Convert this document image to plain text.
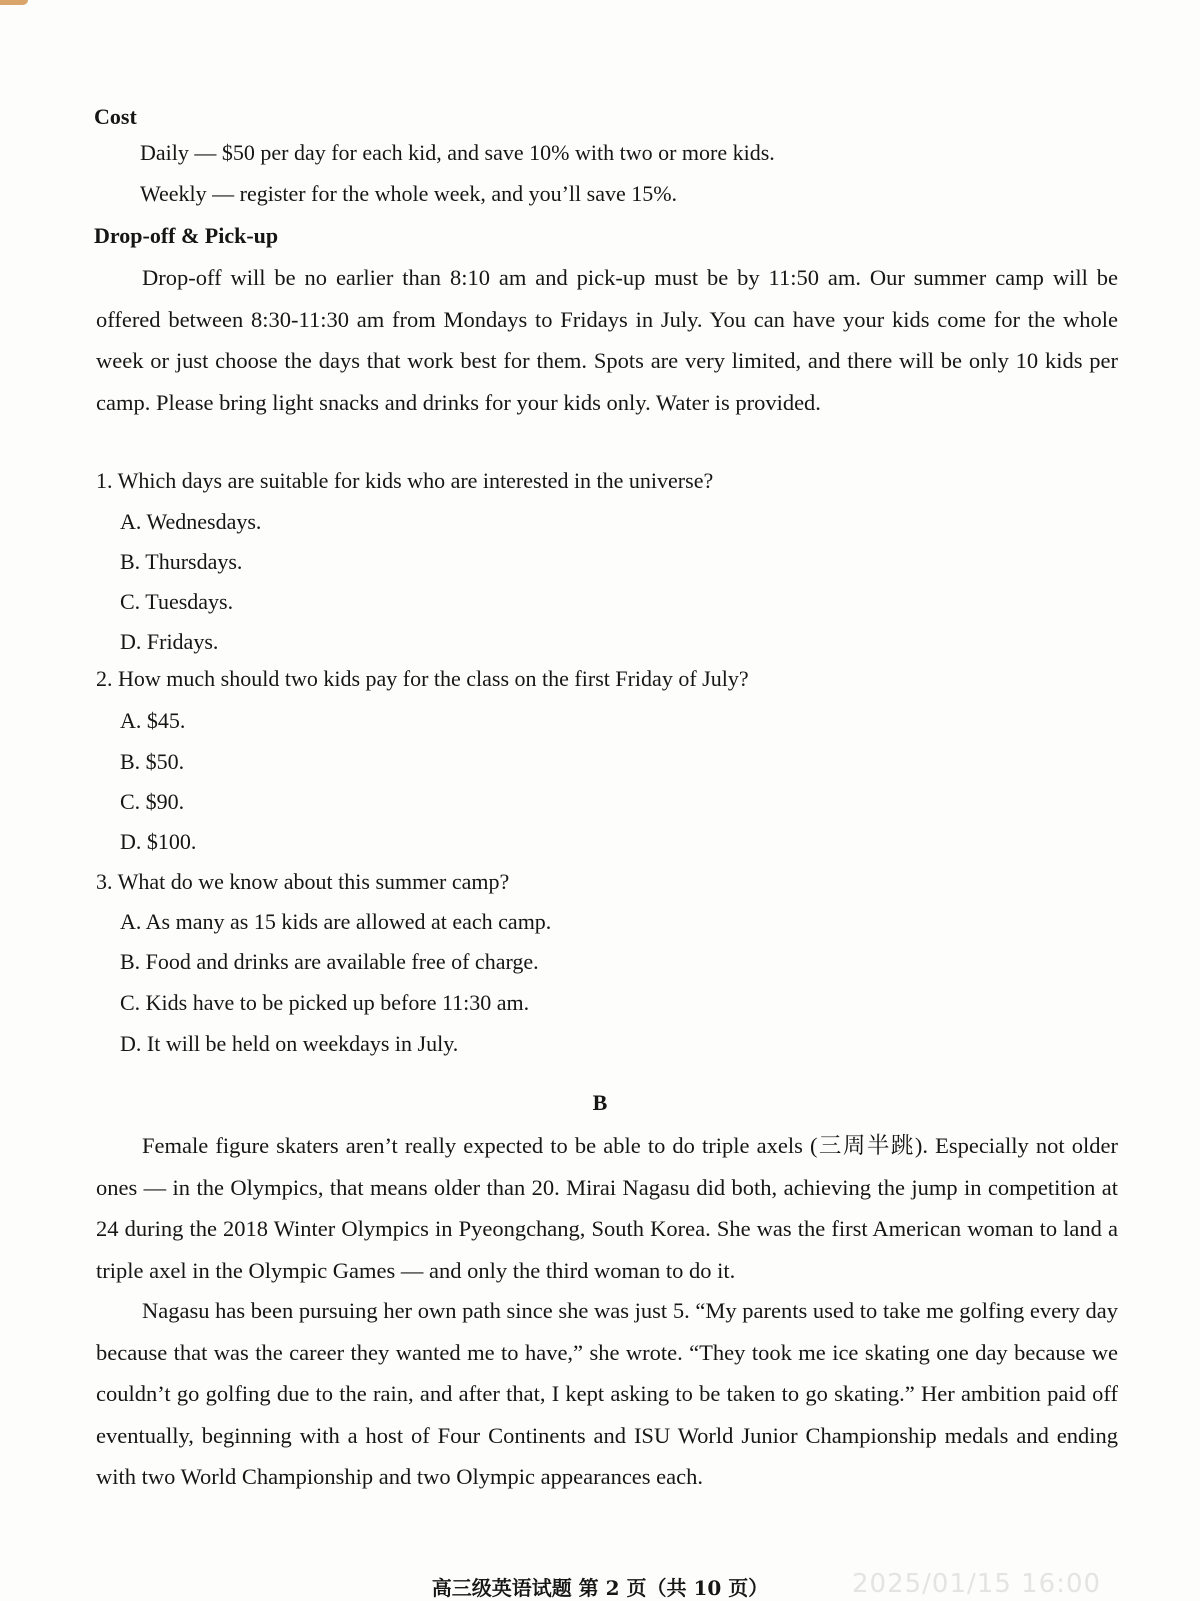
Cost
Daily — $50 per day for each kid, and save 10% with two or more kids.
Weekly — register for the whole week, and you’ll save 15%.
Drop-off & Pick-up
Drop-off will be no earlier than 8:10 am and pick-up must be by 11:50 am. Our summer camp will be offered between 8:30-11:30 am from Mondays to Fridays in July. You can have your kids come for the whole week or just choose the days that work best for them. Spots are very limited, and there will be only 10 kids per camp. Please bring light snacks and drinks for your kids only. Water is provided.
1. Which days are suitable for kids who are interested in the universe?
A. Wednesdays.
B. Thursdays.
C. Tuesdays.
D. Fridays.
2. How much should two kids pay for the class on the first Friday of July?
A. $45.
B. $50.
C. $90.
D. $100.
3. What do we know about this summer camp?
A. As many as 15 kids are allowed at each camp.
B. Food and drinks are available free of charge.
C. Kids have to be picked up before 11:30 am.
D. It will be held on weekdays in July.
B
Female figure skaters aren’t really expected to be able to do triple axels (三周半跳). Especially not older ones — in the Olympics, that means older than 20. Mirai Nagasu did both, achieving the jump in competition at 24 during the 2018 Winter Olympics in Pyeongchang, South Korea. She was the first American woman to land a triple axel in the Olympic Games — and only the third woman to do it.
Nagasu has been pursuing her own path since she was just 5. “My parents used to take me golfing every day because that was the career they wanted me to have,” she wrote. “They took me ice skating one day because we couldn’t go golfing due to the rain, and after that, I kept asking to be taken to go skating.” Her ambition paid off eventually, beginning with a host of Four Continents and ISU World Junior Championship medals and ending with two World Championship and two Olympic appearances each.
高三级英语试题 第 2 页（共 10 页）	2025/01/15 16:00
